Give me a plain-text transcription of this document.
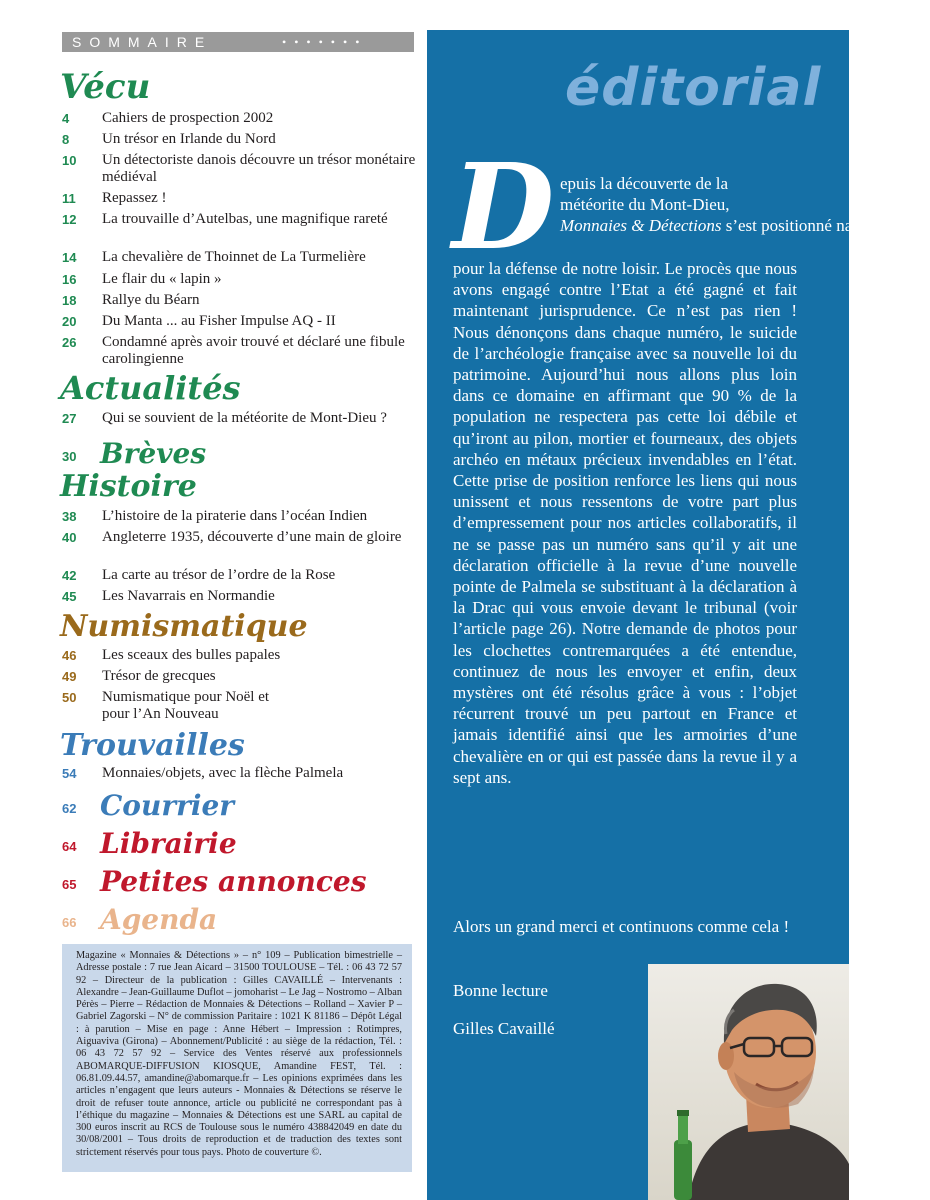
SOMMAIRE	•••••••
Vécu
4 Cahiers de prospection 2002
8 Un trésor en Irlande du Nord
10 Un détectoriste danois découvre un trésor monétaire médiéval
11 Repassez !
12 La trouvaille d’Autelbas, une magnifique rareté
14 La chevalière de Thoinnet de La Turmelière
16 Le flair du « lapin »
18 Rallye du Béarn
20 Du Manta ... au Fisher Impulse AQ - II
26 Condamné après avoir trouvé et déclaré une fibule carolingienne
Actualités
27 Qui se souvient de la météorite de Mont-Dieu ?
30 Brèves
Histoire
38 L’histoire de la piraterie dans l’océan Indien
40 Angleterre 1935, découverte d’une main de gloire
42 La carte au trésor de l’ordre de la Rose
45 Les Navarrais en Normandie
Numismatique
46 Les sceaux des bulles papales
49 Trésor de grecques
50 Numismatique pour Noël et pour l’An Nouveau
Trouvailles
54 Monnaies/objets, avec la flèche Palmela
62 Courrier
64 Librairie
65 Petites annonces
66 Agenda
Magazine « Monnaies & Détections » – n° 109 – Publication bimestrielle – Adresse postale : 7 rue Jean Aicard – 31500 TOULOUSE – Tél. : 06 43 72 57 92 – Directeur de la publication : Gilles CAVAILLÉ – Intervenants : Alexandre – Jean-Guillaume Duflot – jomoharist – Le Jag – Nostromo – Alban Pérès – Pierre – Rédaction de Monnaies & Détections – Rolland – Xavier P – Gabriel Zagorski – N° de commission Paritaire : 1021 K 81186 – Dépôt Légal : à parution – Mise en page : Anne Hébert – Impression : Rotimpres, Aiguaviva (Girona) – Abonnement/Publicité : au siège de la rédaction, Tél. : 06 43 72 57 92 – Service des Ventes réservé aux professionnels ABOMARQUE-DIFFUSION KIOSQUE, Amandine FEST, Tél. : 06.81.09.44.57, amandine@abomarque.fr – Les opinions exprimées dans les articles n’engagent que leurs auteurs - Monnaies & Détections se réserve le droit de refuser toute annonce, article ou publicité ne correspondant pas à l’éthique du magazine – Monnaies & Détections est une SARL au capital de 300 euros inscrit au RCS de Toulouse sous le numéro 438842049 en date du 30/08/2001 – Tous droits de reproduction et de traduction des textes sont strictement réservés pour tous pays. Photo de couverture ©.
éditorial
D epuis la découverte de la
météorite du Mont-Dieu,
Monnaies & Détections s’est positionné naturellement
pour la défense de notre loisir. Le procès que nous avons engagé contre l’Etat a été gagné et fait maintenant jurisprudence. Ce n’est pas rien ! Nous dénonçons dans chaque numéro, le suicide de l’archéologie française avec sa nouvelle loi du patrimoine. Aujourd’hui nous allons plus loin dans ce domaine en affirmant que 90 % de la population ne respectera pas cette loi débile et qu’iront au pilon, mortier et fourneaux, des objets archéo en métaux précieux invendables en l’état. Cette prise de position renforce les liens qui nous unissent et nous ressentons de votre part plus d’empressement pour nos articles collaboratifs, il ne se passe pas un numéro sans qu’il y ait une déclaration officielle à la revue d’une nouvelle pointe de Palmela se substituant à la déclaration à la Drac qui vous envoie devant le tribunal (voir l’article page 26). Notre demande de photos pour les clochettes contremarquées a été entendue, continuez de nous les envoyer et enfin, deux mystères ont été résolus grâce à vous : l’objet récurrent trouvé un peu partout en France et jamais identifié ainsi que les armoiries d’une chevalière en or qui est passée dans la revue il y a sept ans.
Alors un grand merci et continuons comme cela !
Bonne lecture
Gilles Cavaillé
